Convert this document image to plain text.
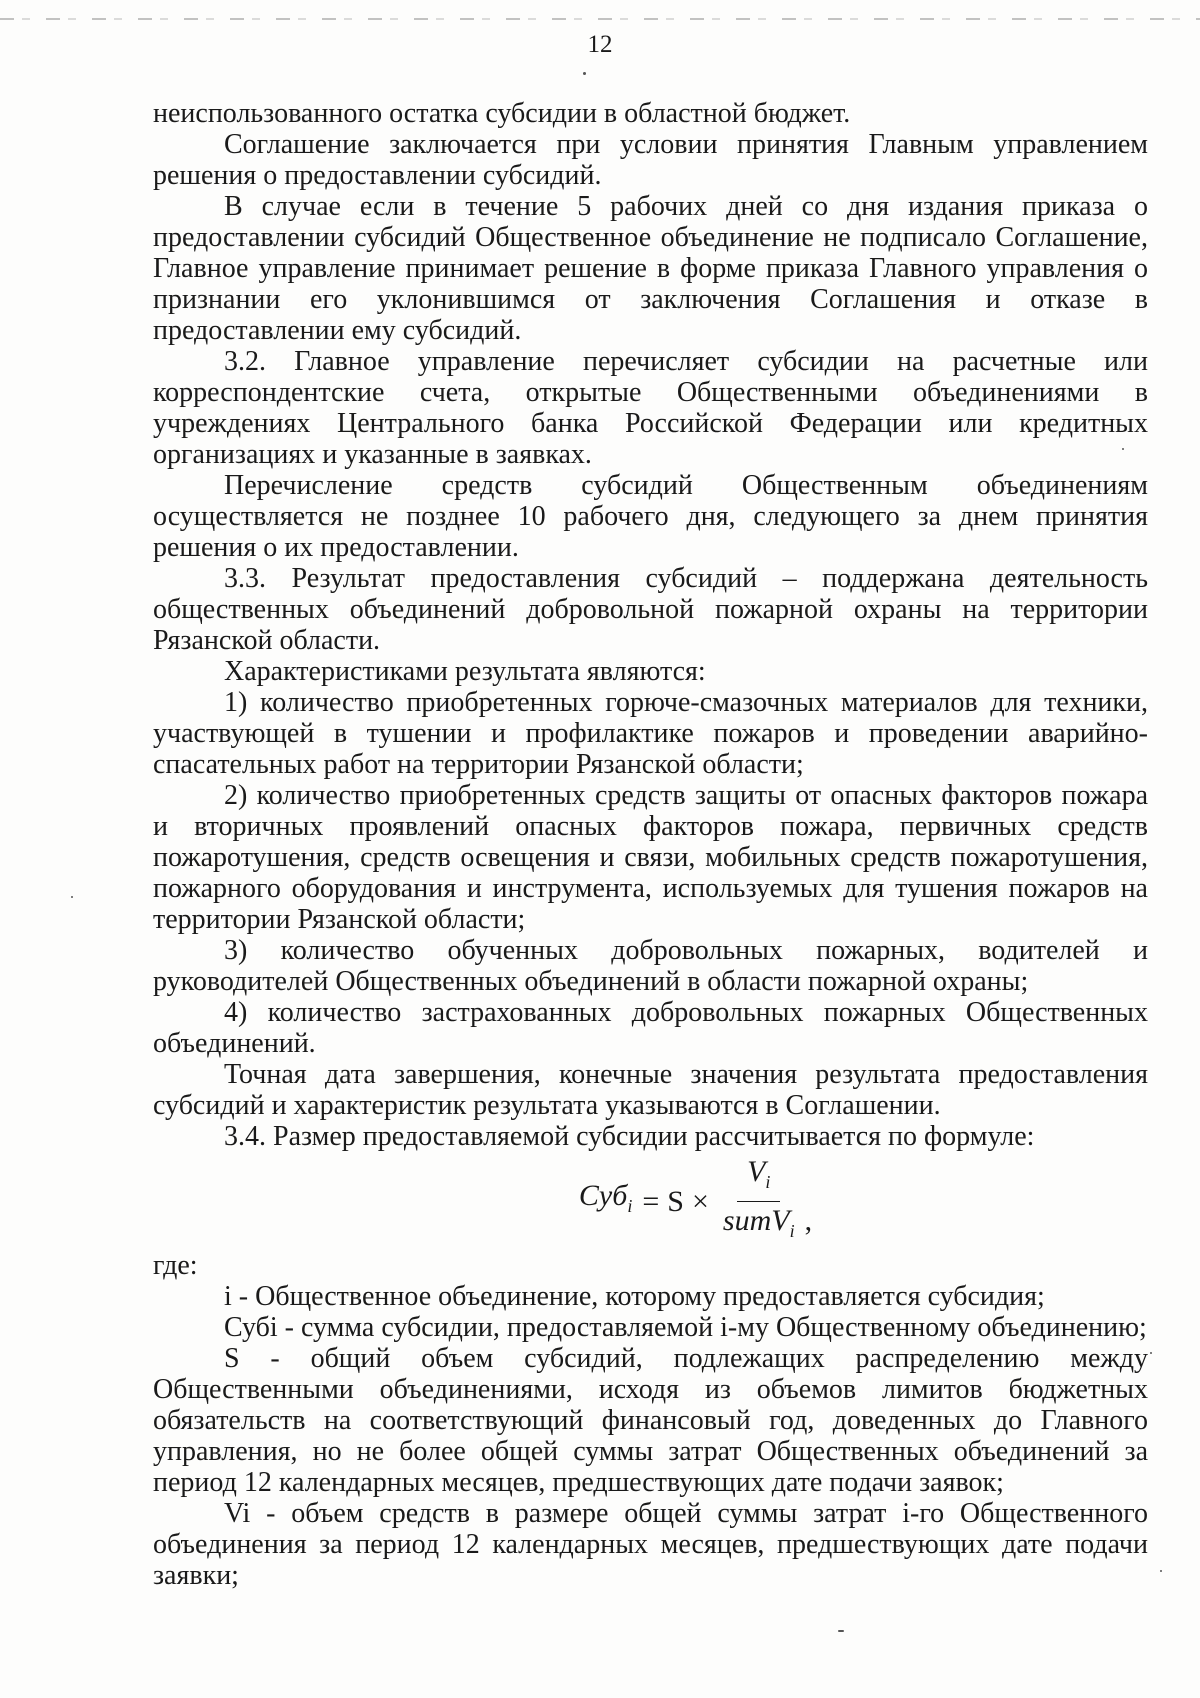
12

неиспользованного остатка субсидии в областной бюджет.

Соглашение заключается при условии принятия Главным управлением решения о предоставлении субсидий.

В случае если в течение 5 рабочих дней со дня издания приказа о предоставлении субсидий Общественное объединение не подписало Соглашение, Главное управление принимает решение в форме приказа Главного управления о признании его уклонившимся от заключения Соглашения и отказе в предоставлении ему субсидий.

3.2. Главное управление перечисляет субсидии на расчетные или корреспондентские счета, открытые Общественными объединениями в учреждениях Центрального банка Российской Федерации или кредитных организациях и указанные в заявках.

Перечисление средств субсидий Общественным объединениям осуществляется не позднее 10 рабочего дня, следующего за днем принятия решения о их предоставлении.

3.3. Результат предоставления субсидий – поддержана деятельность общественных объединений добровольной пожарной охраны на территории Рязанской области.

Характеристиками результата являются:

1) количество приобретенных горюче-смазочных материалов для техники, участвующей в тушении и профилактике пожаров и проведении аварийно-спасательных работ на территории Рязанской области;

2) количество приобретенных средств защиты от опасных факторов пожара и вторичных проявлений опасных факторов пожара, первичных средств пожаротушения, средств освещения и связи, мобильных средств пожаротушения, пожарного оборудования и инструмента, используемых для тушения пожаров на территории Рязанской области;

3) количество обученных добровольных пожарных, водителей и руководителей Общественных объединений в области пожарной охраны;

4) количество застрахованных добровольных пожарных Общественных объединений.

Точная дата завершения, конечные значения результата предоставления субсидий и характеристик результата указываются в Соглашении.

3.4. Размер предоставляемой субсидии рассчитывается по формуле:

$Суб_i = S \times \frac{V_i}{sumV_i}$ ,

где:

i - Общественное объединение, которому предоставляется субсидия;

Субi - сумма субсидии, предоставляемой i-му Общественному объединению;

S - общий объем субсидий, подлежащих распределению между Общественными объединениями, исходя из объемов лимитов бюджетных обязательств на соответствующий финансовый год, доведенных до Главного управления, но не более общей суммы затрат Общественных объединений за период 12 календарных месяцев, предшествующих дате подачи заявок;

Vi - объем средств в размере общей суммы затрат i-го Общественного объединения за период 12 календарных месяцев, предшествующих дате подачи заявки;
